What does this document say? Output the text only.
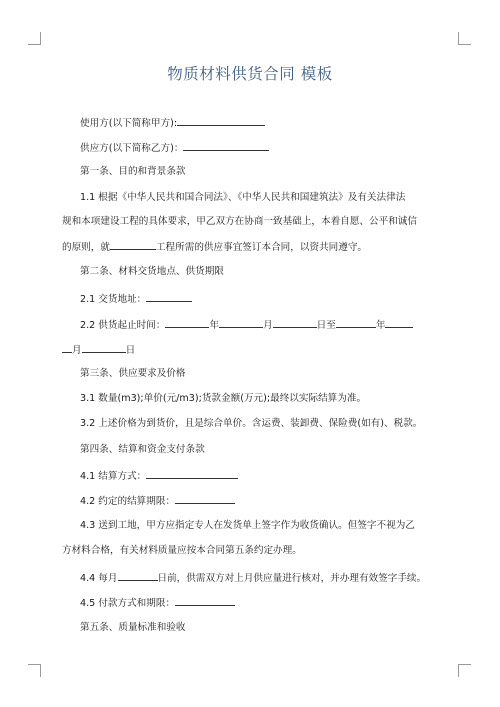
物质材料供货合同 模板
使用方(以下简称甲方):
供应方(以下简称乙方)：
第一条、目的和背景条款
1.1 根据《中华人民共和国合同法》、《中华人民共和国建筑法》及有关法律法
规和本项建设工程的具体要求，甲乙双方在协商一致基础上，本着自愿、公平和诚信
的原则，就	工程所需的供应事宜签订本合同，以资共同遵守。
第二条、材料交货地点、供货期限
2.1 交货地址：
2.2 供货起止时间：	年	月	日至	年
月	日
第三条、供应要求及价格
3.1 数量(m3);单价(元/m3);货款金额(万元);最终以实际结算为准。
3.2 上述价格为到货价，且是综合单价。含运费、装卸费、保险费(如有)、税款。
第四条、结算和资金支付条款
4.1 结算方式：
4.2 约定的结算期限：
4.3 送到工地，甲方应指定专人在发货单上签字作为收货确认。但签字不视为乙
方材料合格，有关材料质量应按本合同第五条约定办理。
4.4 每月	日前，供需双方对上月供应量进行核对，并办理有效签字手续。
4.5 付款方式和期限：
第五条、质量标准和验收
